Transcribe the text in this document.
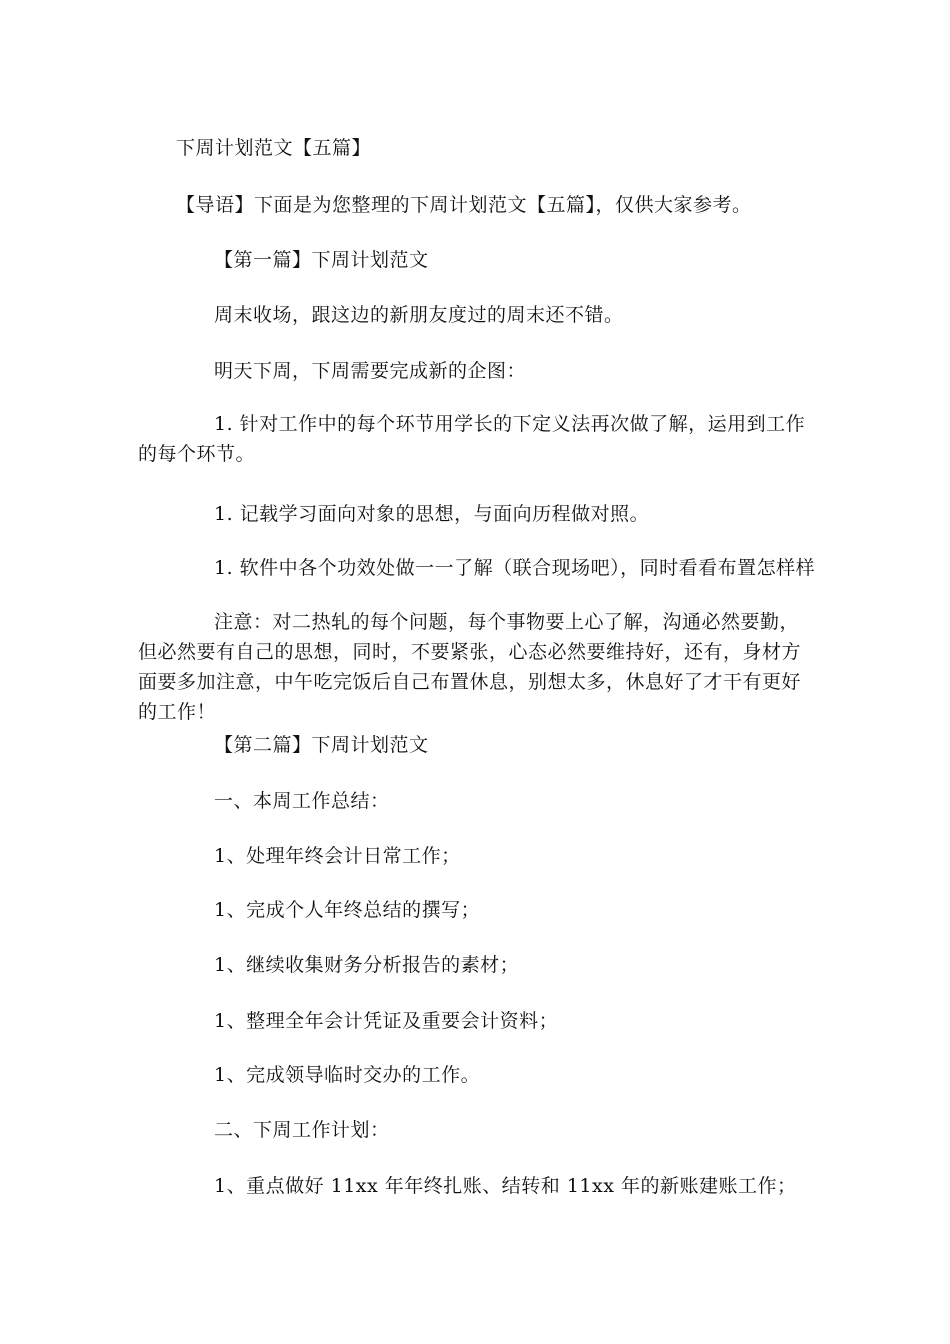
下周计划范文【五篇】
【导语】下面是为您整理的下周计划范文【五篇】，仅供大家参考。
【第一篇】下周计划范文
周末收场，跟这边的新朋友度过的周末还不错。
明天下周，下周需要完成新的企图：
1. 针对工作中的每个环节用学长的下定义法再次做了解，运用到工作的每个环节。
1. 记载学习面向对象的思想，与面向历程做对照。
1. 软件中各个功效处做一一了解（联合现场吧），同时看看布置怎样样
注意：对二热轧的每个问题，每个事物要上心了解，沟通必然要勤，但必然要有自己的思想，同时，不要紧张，心态必然要维持好，还有，身材方面要多加注意，中午吃完饭后自己布置休息，别想太多，休息好了才干有更好的工作！
【第二篇】下周计划范文
一、本周工作总结：
1、处理年终会计日常工作；
1、完成个人年终总结的撰写；
1、继续收集财务分析报告的素材；
1、整理全年会计凭证及重要会计资料；
1、完成领导临时交办的工作。
二、下周工作计划：
1、重点做好 11xx 年年终扎账、结转和 11xx 年的新账建账工作；
